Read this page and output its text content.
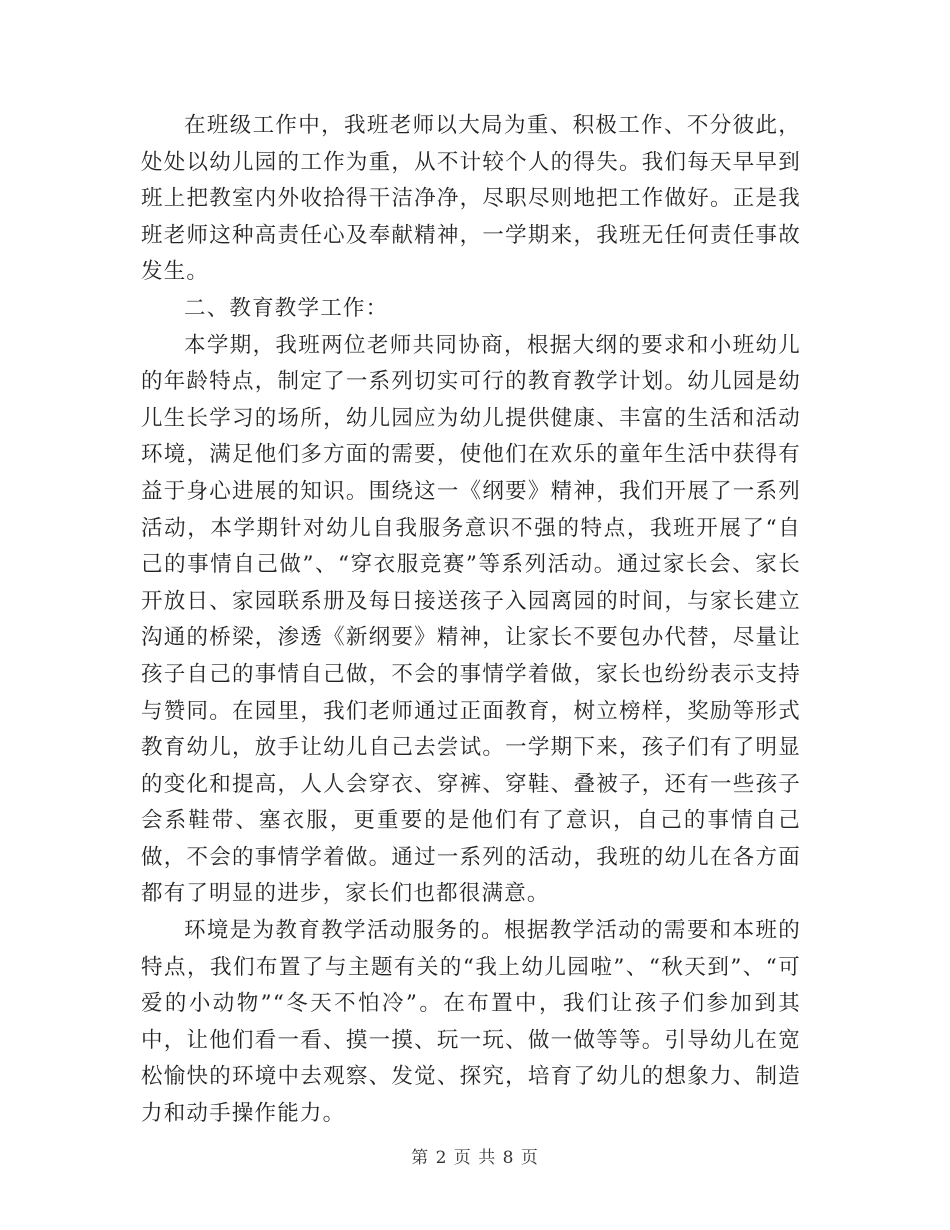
在班级工作中，我班老师以大局为重、积极工作、不分彼此，处处以幼儿园的工作为重，从不计较个人的得失。我们每天早早到班上把教室内外收拾得干洁净净，尽职尽则地把工作做好。正是我班老师这种高责任心及奉献精神，一学期来，我班无任何责任事故发生。

二、教育教学工作：

本学期，我班两位老师共同协商，根据大纲的要求和小班幼儿的年龄特点，制定了一系列切实可行的教育教学计划。幼儿园是幼儿生长学习的场所，幼儿园应为幼儿提供健康、丰富的生活和活动环境，满足他们多方面的需要，使他们在欢乐的童年生活中获得有益于身心进展的知识。围绕这一《纲要》精神，我们开展了一系列活动，本学期针对幼儿自我服务意识不强的特点，我班开展了“自己的事情自己做”、“穿衣服竞赛”等系列活动。通过家长会、家长开放日、家园联系册及每日接送孩子入园离园的时间，与家长建立沟通的桥梁，渗透《新纲要》精神，让家长不要包办代替，尽量让孩子自己的事情自己做，不会的事情学着做，家长也纷纷表示支持与赞同。在园里，我们老师通过正面教育，树立榜样，奖励等形式教育幼儿，放手让幼儿自己去尝试。一学期下来，孩子们有了明显的变化和提高，人人会穿衣、穿裤、穿鞋、叠被子，还有一些孩子会系鞋带、塞衣服，更重要的是他们有了意识，自己的事情自己做，不会的事情学着做。通过一系列的活动，我班的幼儿在各方面都有了明显的进步，家长们也都很满意。

环境是为教育教学活动服务的。根据教学活动的需要和本班的特点，我们布置了与主题有关的“我上幼儿园啦”、“秋天到”、“可爱的小动物”“冬天不怕冷”。在布置中，我们让孩子们参加到其中，让他们看一看、摸一摸、玩一玩、做一做等等。引导幼儿在宽松愉快的环境中去观察、发觉、探究，培育了幼儿的想象力、制造力和动手操作能力。

第 2 页 共 8 页
